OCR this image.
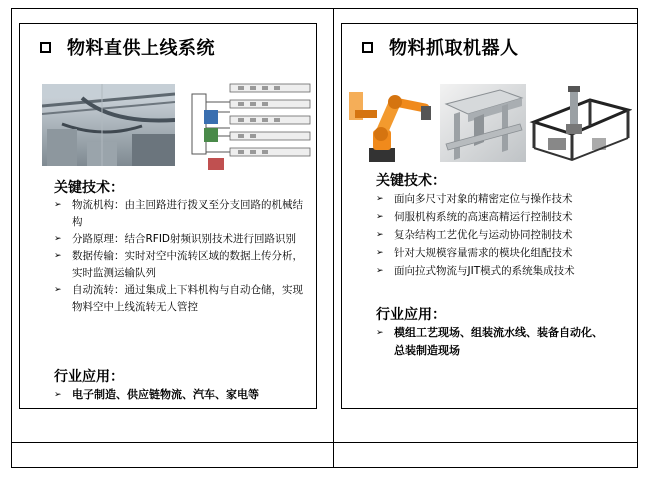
物料直供上线系统
关键技术：
➢ 物流机构：由主回路进行拨叉至分支回路的机械结构
➢ 分路原理：结合RFID射频识别技术进行回路识别
➢ 数据传输：实时对空中流转区域的数据上传分析，实时监测运输队列
➢ 自动流转：通过集成上下料机构与自动仓储，实现物料空中上线流转无人管控
行业应用：
➢ 电子制造、供应链物流、汽车、家电等
物料抓取机器人
关键技术：
➢ 面向多尺寸对象的精密定位与操作技术
➢ 伺服机构系统的高速高精运行控制技术
➢ 复杂结构工艺优化与运动协同控制技术
➢ 针对大规模容量需求的模块化组配技术
➢ 面向拉式物流与JIT模式的系统集成技术
行业应用：
➢ 模组工艺现场、组装流水线、装备自动化、总装制造现场
